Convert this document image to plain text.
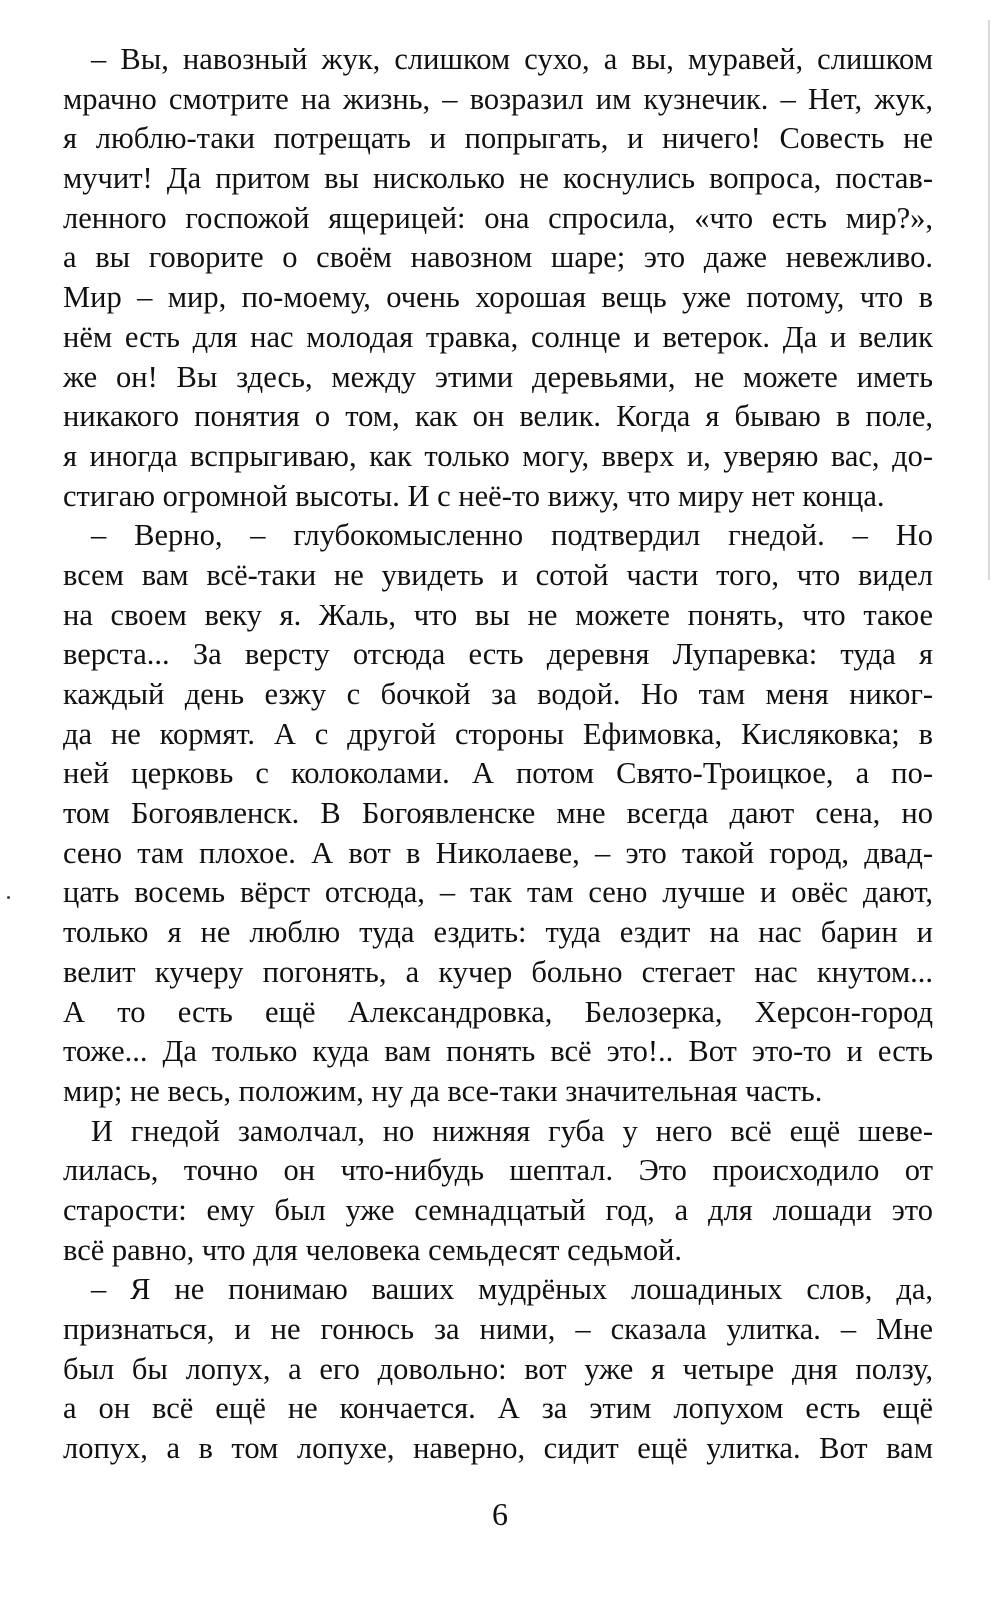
– Вы, навозный жук, слишком сухо, а вы, муравей, слишком
мрачно смотрите на жизнь, – возразил им кузнечик. – Нет, жук,
я люблю-таки потрещать и попрыгать, и ничего! Совесть не
мучит! Да притом вы нисколько не коснулись вопроса, постав-
ленного госпожой ящерицей: она спросила, «что есть мир?»,
а вы говорите о своём навозном шаре; это даже невежливо.
Мир – мир, по-моему, очень хорошая вещь уже потому, что в
нём есть для нас молодая травка, солнце и ветерок. Да и велик
же он! Вы здесь, между этими деревьями, не можете иметь
никакого понятия о том, как он велик. Когда я бываю в поле,
я иногда вспрыгиваю, как только могу, вверх и, уверяю вас, до-
стигаю огромной высоты. И с неё-то вижу, что миру нет конца.
– Верно, – глубокомысленно подтвердил гнедой. – Но
всем вам всё-таки не увидеть и сотой части того, что видел
на своем веку я. Жаль, что вы не можете понять, что такое
верста... За версту отсюда есть деревня Лупаревка: туда я
каждый день езжу с бочкой за водой. Но там меня никог-
да не кормят. А с другой стороны Ефимовка, Кисляковка; в
ней церковь с колоколами. А потом Свято-Троицкое, а по-
том Богоявленск. В Богоявленске мне всегда дают сена, но
сено там плохое. А вот в Николаеве, – это такой город, двад-
цать восемь вёрст отсюда, – так там сено лучше и овёс дают,
только я не люблю туда ездить: туда ездит на нас барин и
велит кучеру погонять, а кучер больно стегает нас кнутом...
А то есть ещё Александровка, Белозерка, Херсон-город
тоже... Да только куда вам понять всё это!.. Вот это-то и есть
мир; не весь, положим, ну да все-таки значительная часть.
И гнедой замолчал, но нижняя губа у него всё ещё шеве-
лилась, точно он что-нибудь шептал. Это происходило от
старости: ему был уже семнадцатый год, а для лошади это
всё равно, что для человека семьдесят седьмой.
– Я не понимаю ваших мудрёных лошадиных слов, да,
признаться, и не гонюсь за ними, – сказала улитка. – Мне
был бы лопух, а его довольно: вот уже я четыре дня ползу,
а он всё ещё не кончается. А за этим лопухом есть ещё
лопух, а в том лопухе, наверно, сидит ещё улитка. Вот вам
6
